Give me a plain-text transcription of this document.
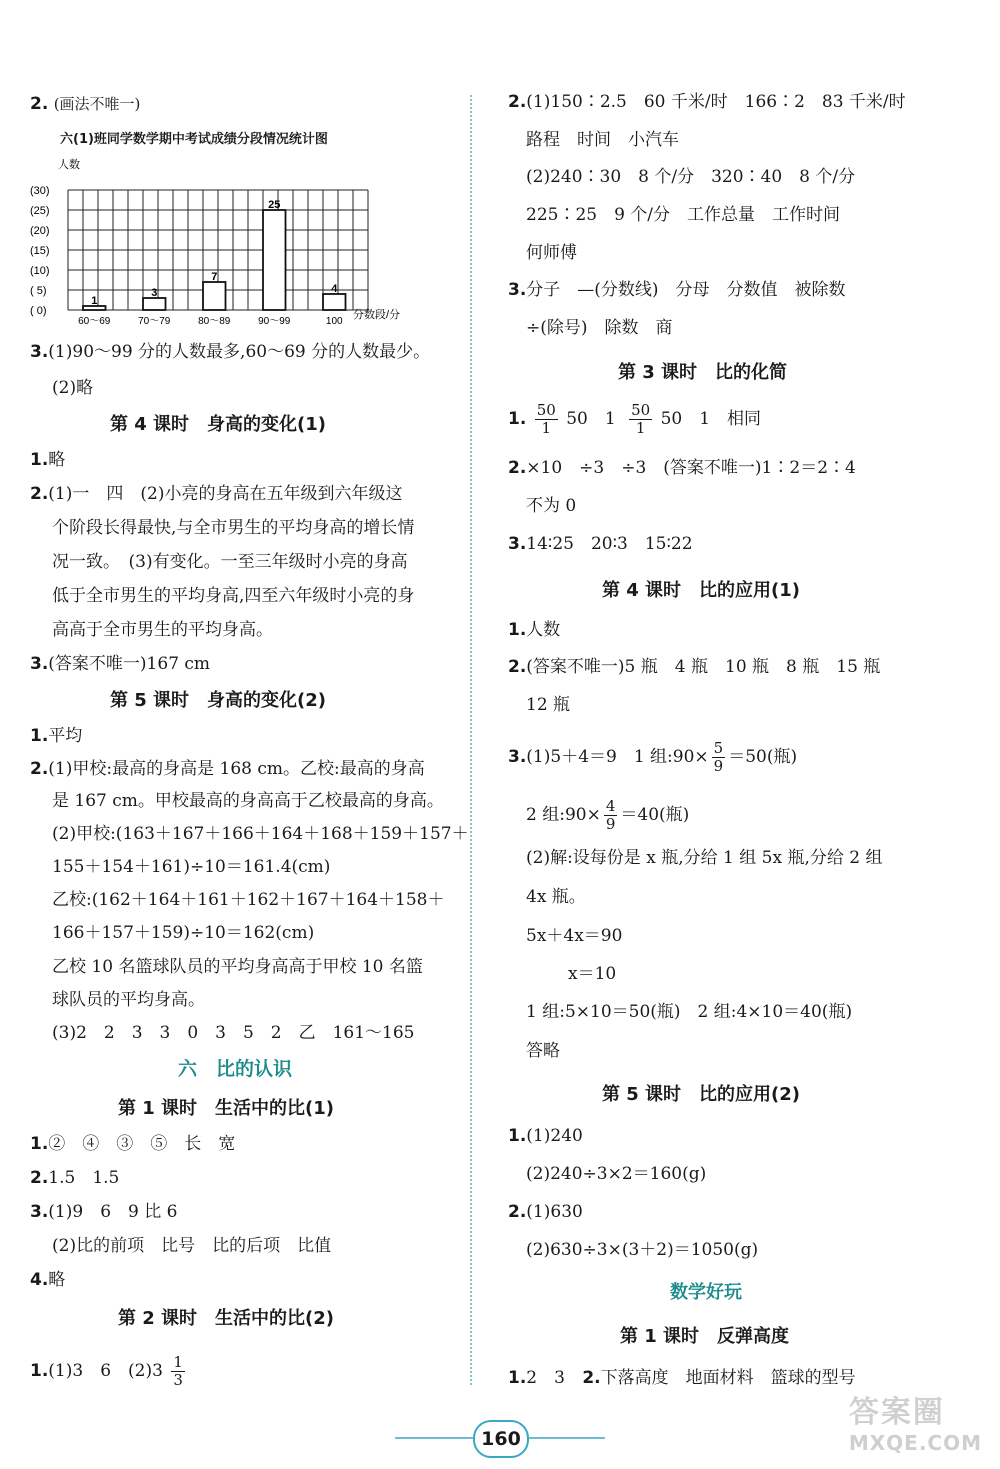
2. (画法不唯一)
六(1)班同学数学期中考试成绩分段情况统计图
人数
分数段/分
1
3
7
25
4
(30)
(25)
(20)
(15)
(10)
( 5)
( 0)
60～69	70～79	80～89	90～99	100
3.(1)90～99 分的人数最多,60～69 分的人数最少。
(2)略
第 4 课时　身高的变化(1)
1.略
2.(1)一　四　(2)小亮的身高在五年级到六年级这
个阶段长得最快,与全市男生的平均身高的增长情
况一致。　(3)有变化。一至三年级时小亮的身高
低于全市男生的平均身高,四至六年级时小亮的身
高高于全市男生的平均身高。
3.(答案不唯一)167 cm
第 5 课时　身高的变化(2)
1.平均
2.(1)甲校:最高的身高是 168 cm。乙校:最高的身高
是 167 cm。甲校最高的身高高于乙校最高的身高。
(2)甲校:(163＋167＋166＋164＋168＋159＋157＋
155＋154＋161)÷10＝161.4(cm)
乙校:(162＋164＋161＋162＋167＋164＋158＋
166＋157＋159)÷10＝162(cm)
乙校 10 名篮球队员的平均身高高于甲校 10 名篮
球队员的平均身高。
(3)2　2　3　3　0　3　5　2　乙　161～165
六　比的认识
第 1 课时　生活中的比(1)
1.②　④　③　⑤　长　宽
2.1.5　1.5
3.(1)9　6　9 比 6
(2)比的前项　比号　比的后项　比值
4.略
第 2 课时　生活中的比(2)
1.(1)3　6　$(2)3 \frac{1}{3}$
2.(1)150∶2.5　60 千米/时　166∶2　83 千米/时
路程　时间　小汽车
(2)240∶30　8 个/分　320∶40　8 个/分
225∶25　9 个/分　工作总量　工作时间
何师傅
3.分子　—(分数线)　分母　分数值　被除数
÷(除号)　除数　商
第 3 课时　比的化简
1. $\frac{50}{1} 50$　$1 \frac{50}{1} 50$　1　相同
2.×10　÷3　÷3　(答案不唯一)1∶2＝2∶4
不为 0
3.14∶25　20∶3　15∶22
第 4 课时　比的应用(1)
1.人数
2.(答案不唯一)5 瓶　4 瓶　10 瓶　8 瓶　15 瓶
12 瓶
3.(1)5＋4＝9　1 组:90× $\frac{5}{9} =50$(瓶)
2 组:90× $\frac{4}{9} =40$(瓶)
(2)解:设每份是 x 瓶,分给 1 组 5x 瓶,分给 2 组
4x 瓶。
5x＋4x＝90
x＝10
1 组:5×10＝50(瓶)　2 组:4×10＝40(瓶)
答略
第 5 课时　比的应用(2)
1.(1)240
(2)240÷3×2＝160(g)
2.(1)630
(2)630÷3×(3＋2)＝1050(g)
数学好玩
第 1 课时　反弹高度
1.2　3 2.下落高度　地面材料　篮球的型号
160
答案圈
MXQE.COM
